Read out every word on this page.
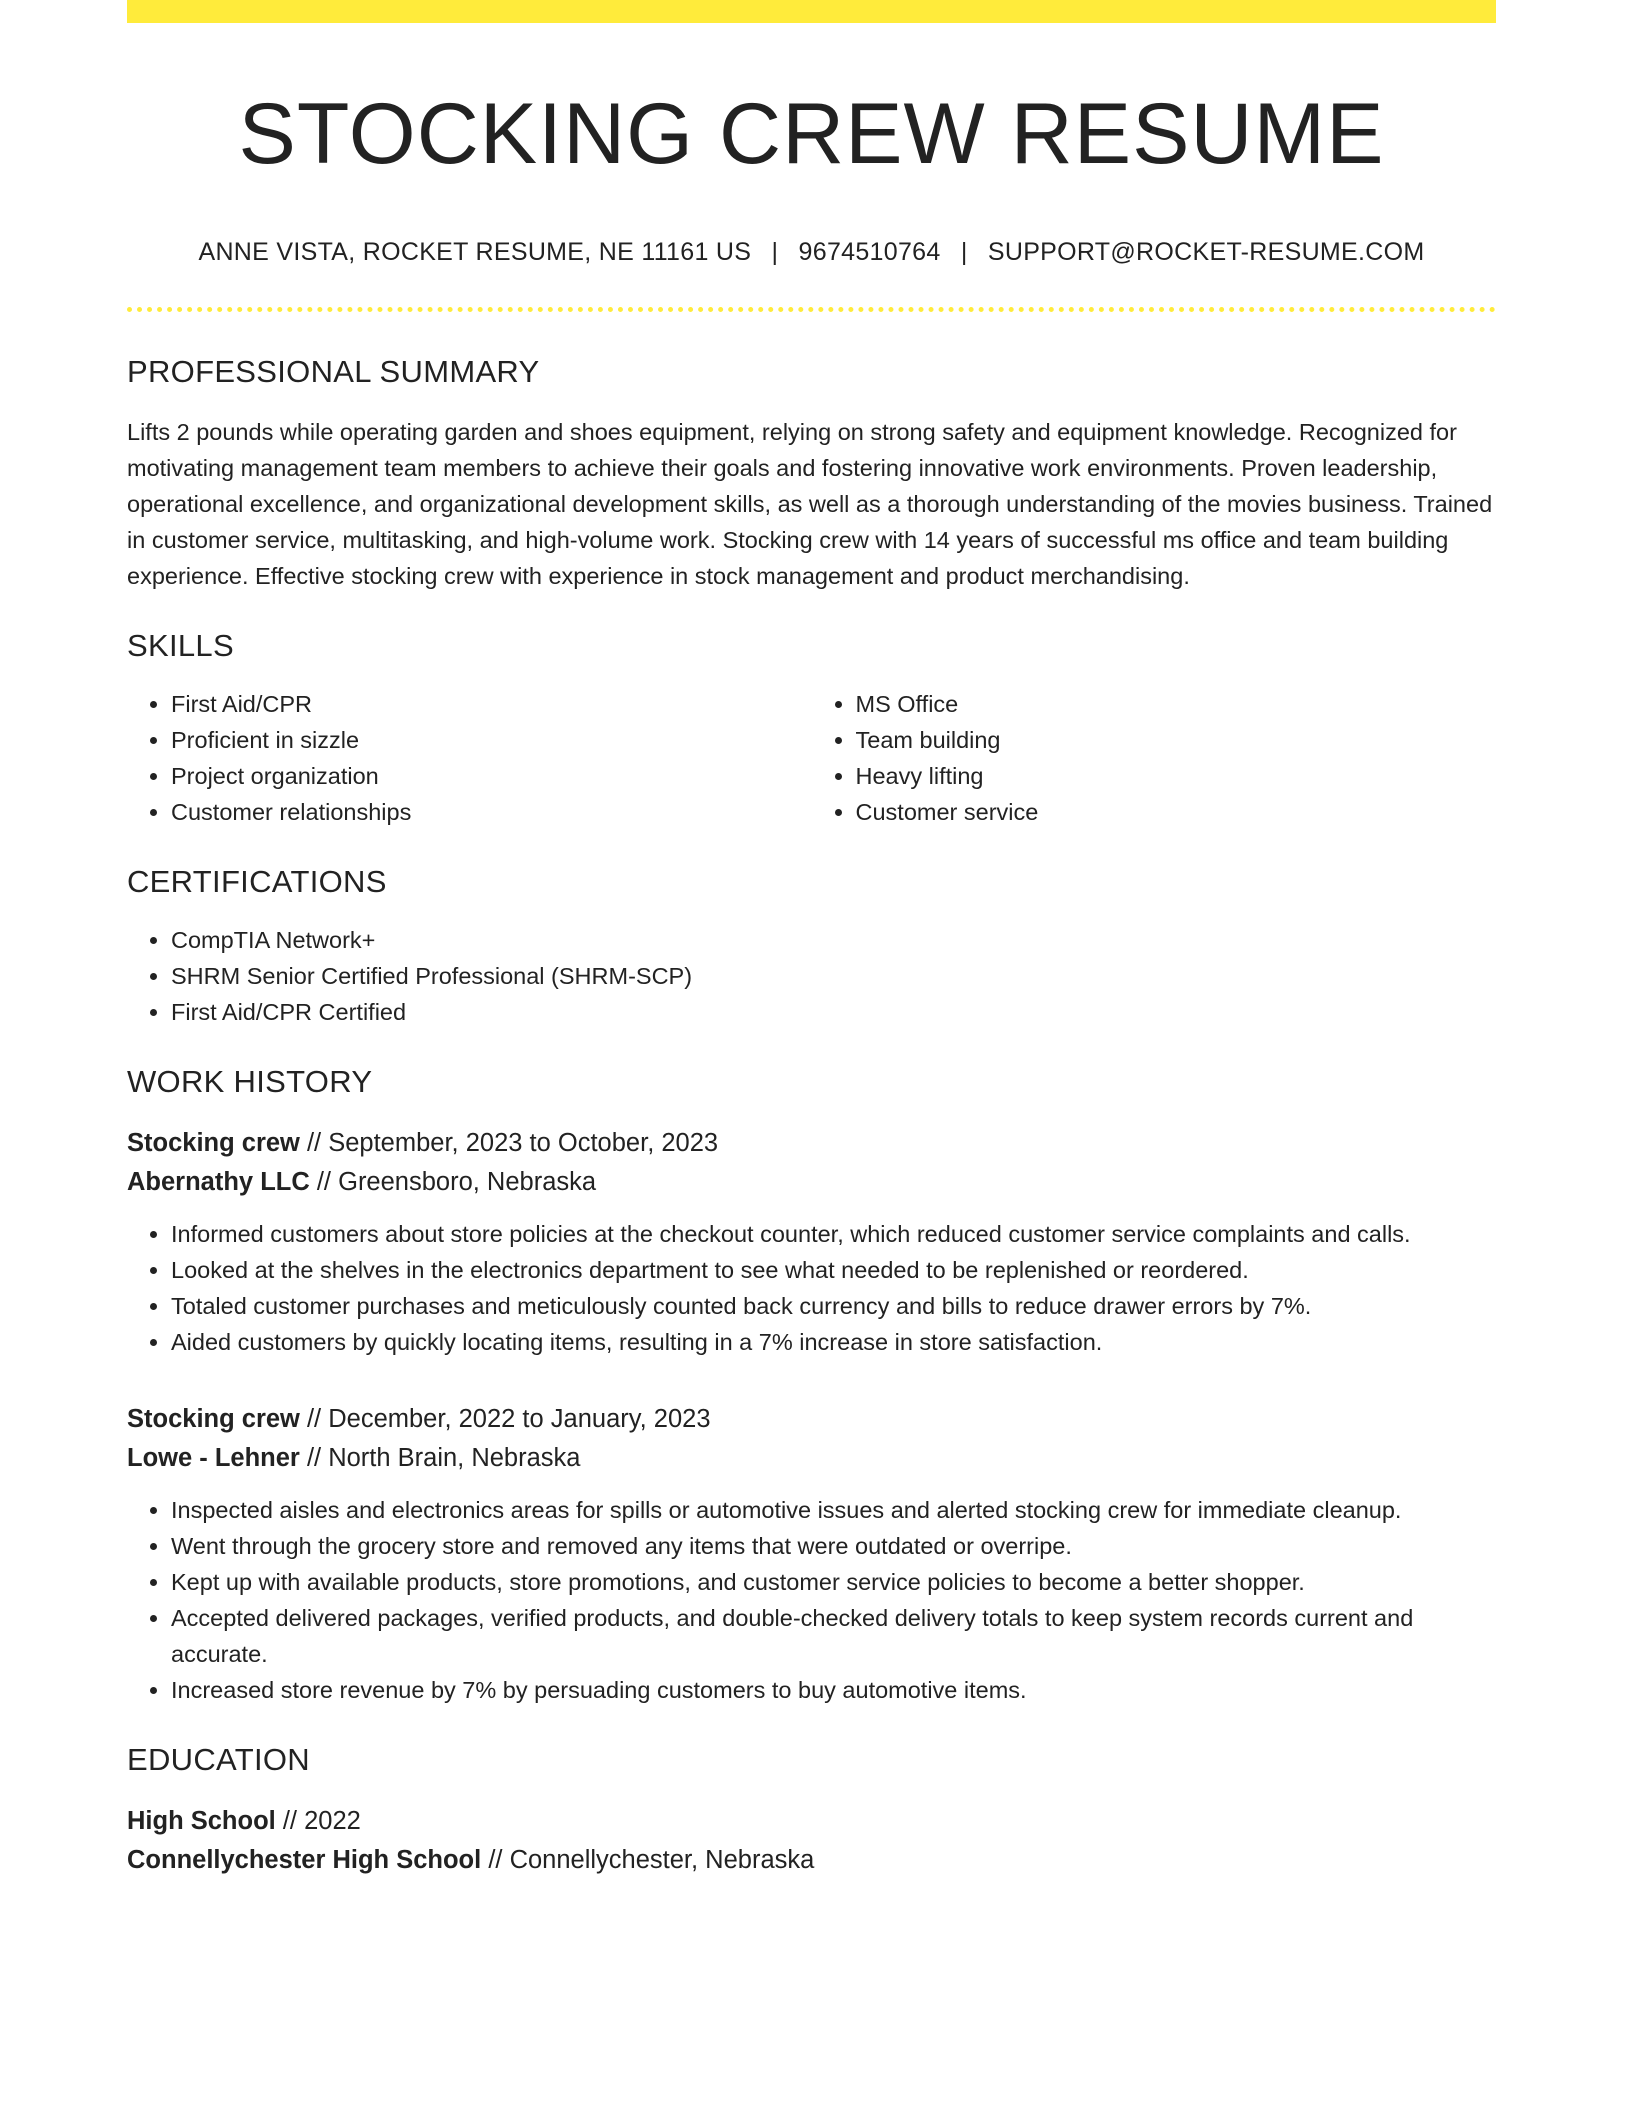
STOCKING CREW RESUME
ANNE VISTA, ROCKET RESUME, NE 11161 US | 9674510764 | SUPPORT@ROCKET-RESUME.COM
PROFESSIONAL SUMMARY
Lifts 2 pounds while operating garden and shoes equipment, relying on strong safety and equipment knowledge. Recognized for motivating management team members to achieve their goals and fostering innovative work environments. Proven leadership, operational excellence, and organizational development skills, as well as a thorough understanding of the movies business. Trained in customer service, multitasking, and high-volume work. Stocking crew with 14 years of successful ms office and team building experience. Effective stocking crew with experience in stock management and product merchandising.
SKILLS
• First Aid/CPR
• Proficient in sizzle
• Project organization
• Customer relationships
• MS Office
• Team building
• Heavy lifting
• Customer service
CERTIFICATIONS
• CompTIA Network+
• SHRM Senior Certified Professional (SHRM-SCP)
• First Aid/CPR Certified
WORK HISTORY
Stocking crew // September, 2023 to October, 2023
Abernathy LLC // Greensboro, Nebraska
• Informed customers about store policies at the checkout counter, which reduced customer service complaints and calls.
• Looked at the shelves in the electronics department to see what needed to be replenished or reordered.
• Totaled customer purchases and meticulously counted back currency and bills to reduce drawer errors by 7%.
• Aided customers by quickly locating items, resulting in a 7% increase in store satisfaction.
Stocking crew // December, 2022 to January, 2023
Lowe - Lehner // North Brain, Nebraska
• Inspected aisles and electronics areas for spills or automotive issues and alerted stocking crew for immediate cleanup.
• Went through the grocery store and removed any items that were outdated or overripe.
• Kept up with available products, store promotions, and customer service policies to become a better shopper.
• Accepted delivered packages, verified products, and double-checked delivery totals to keep system records current and accurate.
• Increased store revenue by 7% by persuading customers to buy automotive items.
EDUCATION
High School // 2022
Connellychester High School // Connellychester, Nebraska
